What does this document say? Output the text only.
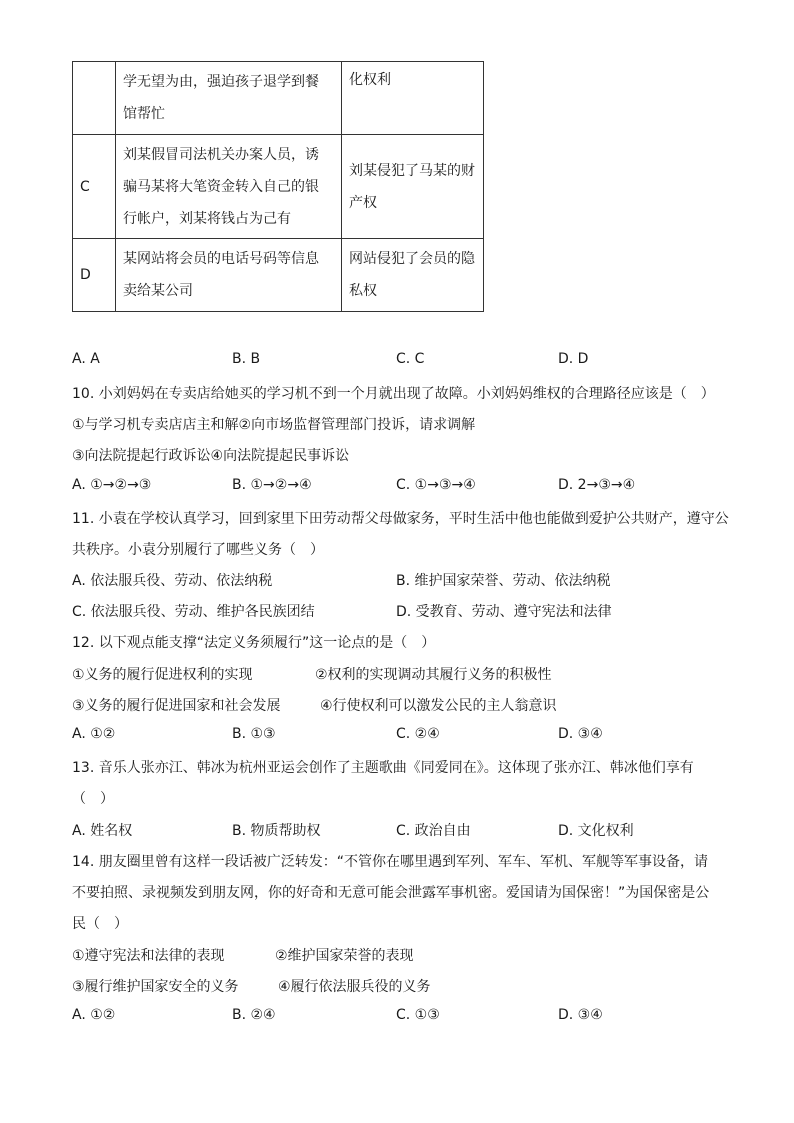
	学无望为由，强迫孩子退学到餐
馆帮忙	化权利
C	刘某假冒司法机关办案人员，诱
骗马某将大笔资金转入自己的银
行帐户，刘某将钱占为己有	刘某侵犯了马某的财
产权
D	某网站将会员的电话号码等信息
卖给某公司	网站侵犯了会员的隐
私权
A. A	B. B	C. C	D. D
10. 小刘妈妈在专卖店给她买的学习机不到一个月就出现了故障。小刘妈妈维权的合理路径应该是（　）
①与学习机专卖店店主和解②向市场监督管理部门投诉，请求调解
③向法院提起行政诉讼④向法院提起民事诉讼
A. ①→②→③	B. ①→②→④	C. ①→③→④	D. 2→③→④
11. 小袁在学校认真学习，回到家里下田劳动帮父母做家务，平时生活中他也能做到爱护公共财产，遵守公
共秩序。小袁分别履行了哪些义务（　）
A. 依法服兵役、劳动、依法纳税	B. 维护国家荣誉、劳动、依法纳税
C. 依法服兵役、劳动、维护各民族团结	D. 受教育、劳动、遵守宪法和法律
12. 以下观点能支撑“法定义务须履行”这一论点的是（　）
①义务的履行促进权利的实现	②权利的实现调动其履行义务的积极性
③义务的履行促进国家和社会发展	④行使权利可以激发公民的主人翁意识
A. ①②	B. ①③	C. ②④	D. ③④
13. 音乐人张亦江、韩冰为杭州亚运会创作了主题歌曲《同爱同在》。这体现了张亦江、韩冰他们享有
（　）
A. 姓名权	B. 物质帮助权	C. 政治自由	D. 文化权利
14. 朋友圈里曾有这样一段话被广泛转发：“不管你在哪里遇到军列、军车、军机、军舰等军事设备，请
不要拍照、录视频发到朋友网，你的好奇和无意可能会泄露军事机密。爱国请为国保密！”为国保密是公
民（　）
①遵守宪法和法律的表现	②维护国家荣誉的表现
③履行维护国家安全的义务	④履行依法服兵役的义务
A. ①②	B. ②④	C. ①③	D. ③④
